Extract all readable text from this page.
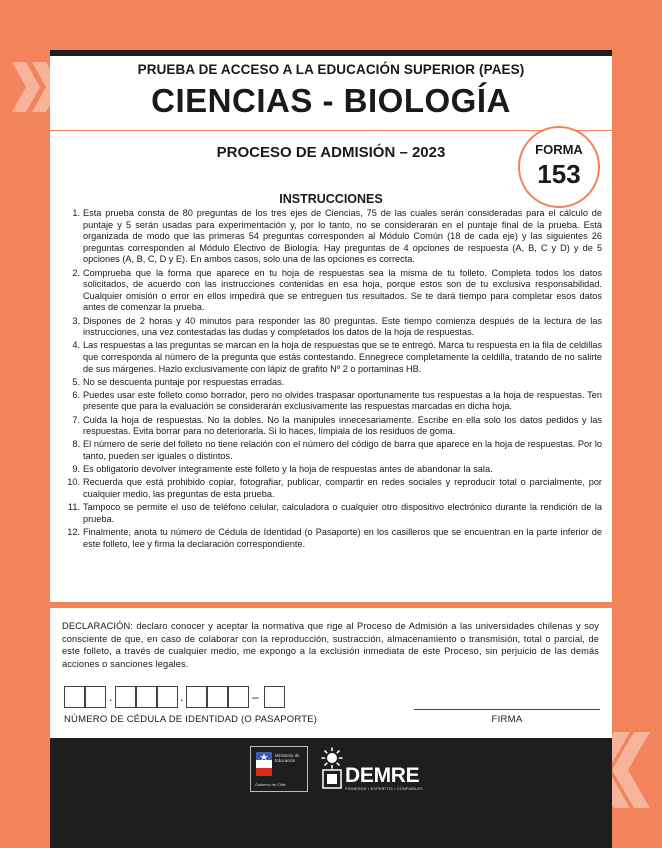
PRUEBA DE ACCESO A LA EDUCACIÓN SUPERIOR (PAES)
CIENCIAS - BIOLOGÍA
PROCESO DE ADMISIÓN – 2023	FORMA
153
INSTRUCCIONES
1. Esta prueba consta de 80 preguntas de los tres ejes de Ciencias, 75 de las cuales serán consideradas para el cálculo de puntaje y 5 serán usadas para experimentación y, por lo tanto, no se considerarán en el puntaje final de la prueba. Está organizada de modo que las primeras 54 preguntas corresponden al Módulo Común (18 de cada eje) y las siguientes 26 preguntas corresponden al Módulo Electivo de Biología. Hay preguntas de 4 opciones de respuesta (A, B, C y D) y de 5 opciones (A, B, C, D y E). En ambos casos, solo una de las opciones es correcta.
2. Comprueba que la forma que aparece en tu hoja de respuestas sea la misma de tu folleto. Completa todos los datos solicitados, de acuerdo con las instrucciones contenidas en esa hoja, porque estos son de tu exclusiva responsabilidad. Cualquier omisión o error en ellos impedirá que se entreguen tus resultados. Se te dará tiempo para completar esos datos antes de comenzar la prueba.
3. Dispones de 2 horas y 40 minutos para responder las 80 preguntas. Este tiempo comienza después de la lectura de las instrucciones, una vez contestadas las dudas y completados los datos de la hoja de respuestas.
4. Las respuestas a las preguntas se marcan en la hoja de respuestas que se te entregó. Marca tu respuesta en la fila de celdillas que corresponda al número de la pregunta que estás contestando. Ennegrece completamente la celdilla, tratando de no salirte de sus márgenes. Hazlo exclusivamente con lápiz de grafito Nº 2 o portaminas HB.
5. No se descuenta puntaje por respuestas erradas.
6. Puedes usar este folleto como borrador, pero no olvides traspasar oportunamente tus respuestas a la hoja de respuestas. Ten presente que para la evaluación se considerarán exclusivamente las respuestas marcadas en dicha hoja.
7. Cuida la hoja de respuestas. No la dobles. No la manipules innecesariamente. Escribe en ella solo los datos pedidos y las respuestas. Evita borrar para no deteriorarla. Si lo haces, límpiala de los residuos de goma.
8. El número de serie del folleto no tiene relación con el número del código de barra que aparece en la hoja de respuestas. Por lo tanto, pueden ser iguales o distintos.
9. Es obligatorio devolver íntegramente este folleto y la hoja de respuestas antes de abandonar la sala.
10. Recuerda que está prohibido copiar, fotografiar, publicar, compartir en redes sociales y reproducir total o parcialmente, por cualquier medio, las preguntas de esta prueba.
11. Tampoco se permite el uso de teléfono celular, calculadora o cualquier otro dispositivo electrónico durante la rendición de la prueba.
12. Finalmente, anota tu número de Cédula de Identidad (o Pasaporte) en los casilleros que se encuentran en la parte inferior de este folleto, lee y firma la declaración correspondiente.
DECLARACIÓN: declaro conocer y aceptar la normativa que rige al Proceso de Admisión a las universidades chilenas y soy consciente de que, en caso de colaborar con la reproducción, sustracción, almacenamiento o transmisión, total o parcial, de este folleto, a través de cualquier medio, me expongo a la exclusión inmediata de este Proceso, sin perjuicio de las demás acciones o sanciones legales.
.	.	–
NÚMERO DE CÉDULA DE IDENTIDAD (O PASAPORTE)	FIRMA
Ministerio de Educación
Gobierno de Chile	DEMRE
PIONEROS • EXPERTOS • CONFIABLES
